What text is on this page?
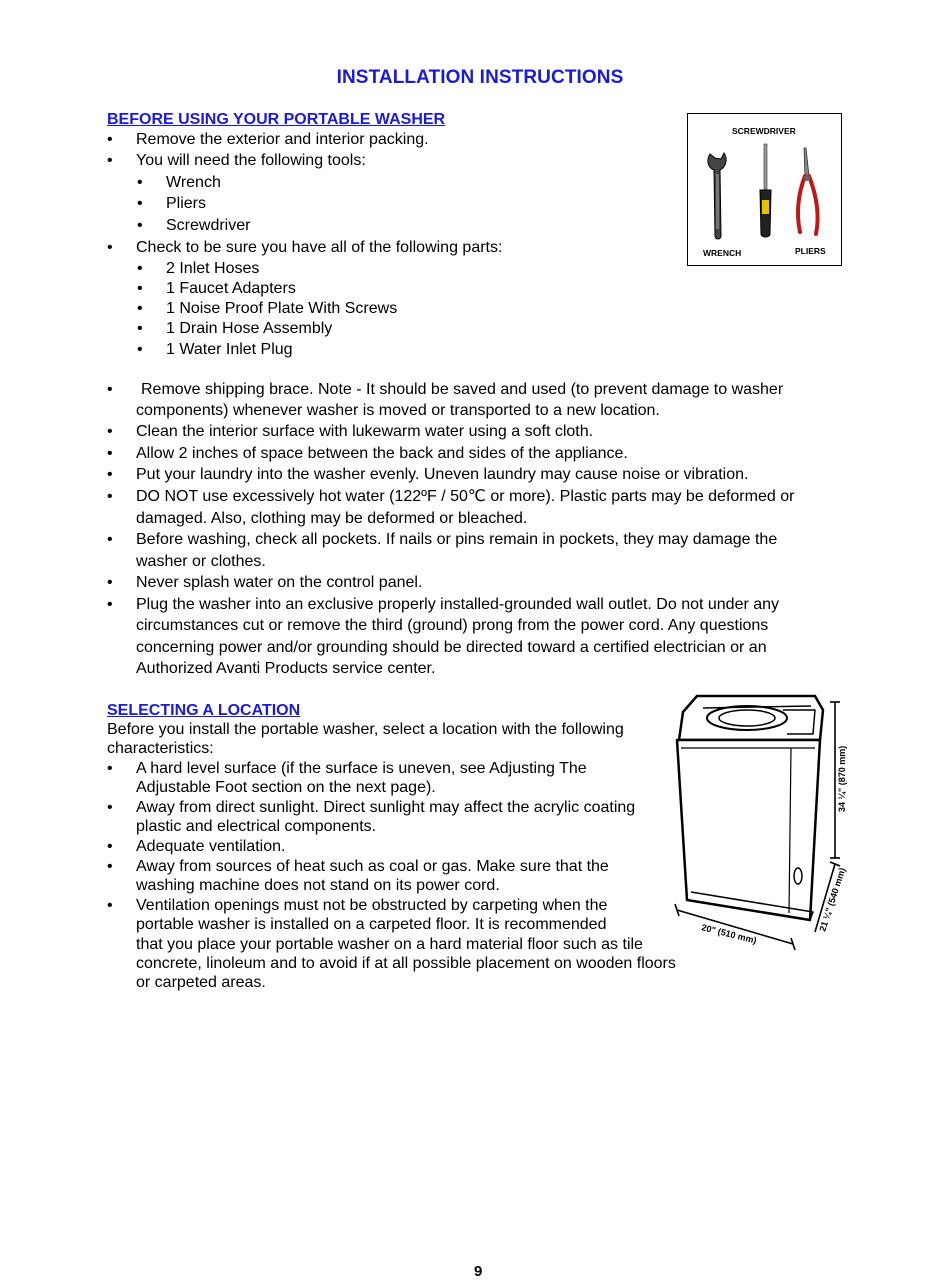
INSTALLATION INSTRUCTIONS
BEFORE USING YOUR PORTABLE WASHER
• Remove the exterior and interior packing.
• You will need the following tools:
• Wrench
• Pliers
• Screwdriver
• Check to be sure you have all of the following parts:
• 2 Inlet Hoses
• 1 Faucet Adapters
• 1 Noise Proof Plate With Screws
• 1 Drain Hose Assembly
• 1 Water Inlet Plug
SCREWDRIVER
WRENCH	PLIERS
• Remove shipping brace. Note - It should be saved and used (to prevent damage to washer
components) whenever washer is moved or transported to a new location.
• Clean the interior surface with lukewarm water using a soft cloth.
• Allow 2 inches of space between the back and sides of the appliance.
• Put your laundry into the washer evenly. Uneven laundry may cause noise or vibration.
• DO NOT use excessively hot water (122ºF / 50℃ or more). Plastic parts may be deformed or
damaged. Also, clothing may be deformed or bleached.
• Before washing, check all pockets. If nails or pins remain in pockets, they may damage the
washer or clothes.
• Never splash water on the control panel.
• Plug the washer into an exclusive properly installed-grounded wall outlet. Do not under any
circumstances cut or remove the third (ground) prong from the power cord. Any questions
concerning power and/or grounding should be directed toward a certified electrician or an
Authorized Avanti Products service center.
SELECTING A LOCATION
Before you install the portable washer, select a location with the following
characteristics:
• A hard level surface (if the surface is uneven, see Adjusting The
Adjustable Foot section on the next page).
• Away from direct sunlight. Direct sunlight may affect the acrylic coating
plastic and electrical components.
• Adequate ventilation.
• Away from sources of heat such as coal or gas. Make sure that the
washing machine does not stand on its power cord.
• Ventilation openings must not be obstructed by carpeting when the
portable washer is installed on a carpeted floor. It is recommended
that you place your portable washer on a hard material floor such as tile
concrete, linoleum and to avoid if at all possible placement on wooden floors
or carpeted areas.
34 ¼" (870 mm)
21 ¼" (540 mm)
20" (510 mm)
9
